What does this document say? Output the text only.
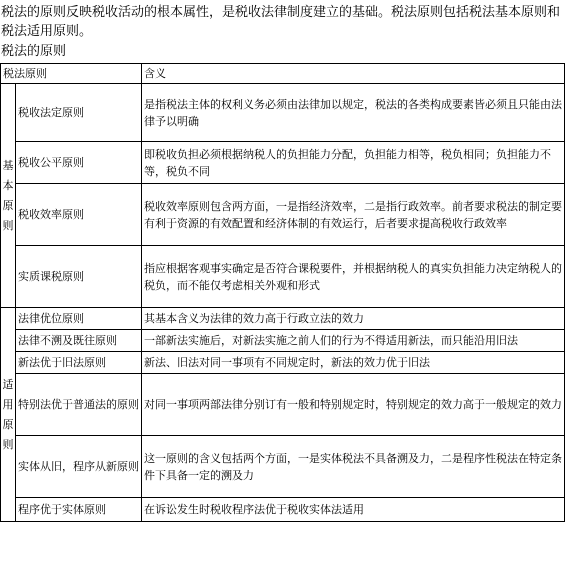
税法的原则反映税收活动的根本属性，是税收法律制度建立的基础。税法原则包括税法基本原则和税法适用原则。
税法的原则
税法原则		含义
基本原则	税收法定原则	是指税法主体的权利义务必须由法律加以规定，税法的各类构成要素皆必须且只能由法律予以明确
	税收公平原则	即税收负担必须根据纳税人的负担能力分配，负担能力相等，税负相同；负担能力不等，税负不同
	税收效率原则	税收效率原则包含两方面，一是指经济效率，二是指行政效率。前者要求税法的制定要有利于资源的有效配置和经济体制的有效运行，后者要求提高税收行政效率
	实质课税原则	指应根据客观事实确定是否符合课税要件，并根据纳税人的真实负担能力决定纳税人的税负，而不能仅考虑相关外观和形式
适用原则	法律优位原则	其基本含义为法律的效力高于行政立法的效力
	法律不溯及既往原则	一部新法实施后，对新法实施之前人们的行为不得适用新法，而只能沿用旧法
	新法优于旧法原则	新法、旧法对同一事项有不同规定时，新法的效力优于旧法
	特别法优于普通法的原则	对同一事项两部法律分别订有一般和特别规定时，特别规定的效力高于一般规定的效力
	实体从旧，程序从新原则	这一原则的含义包括两个方面，一是实体税法不具备溯及力，二是程序性税法在特定条件下具备一定的溯及力
	程序优于实体原则	在诉讼发生时税收程序法优于税收实体法适用
